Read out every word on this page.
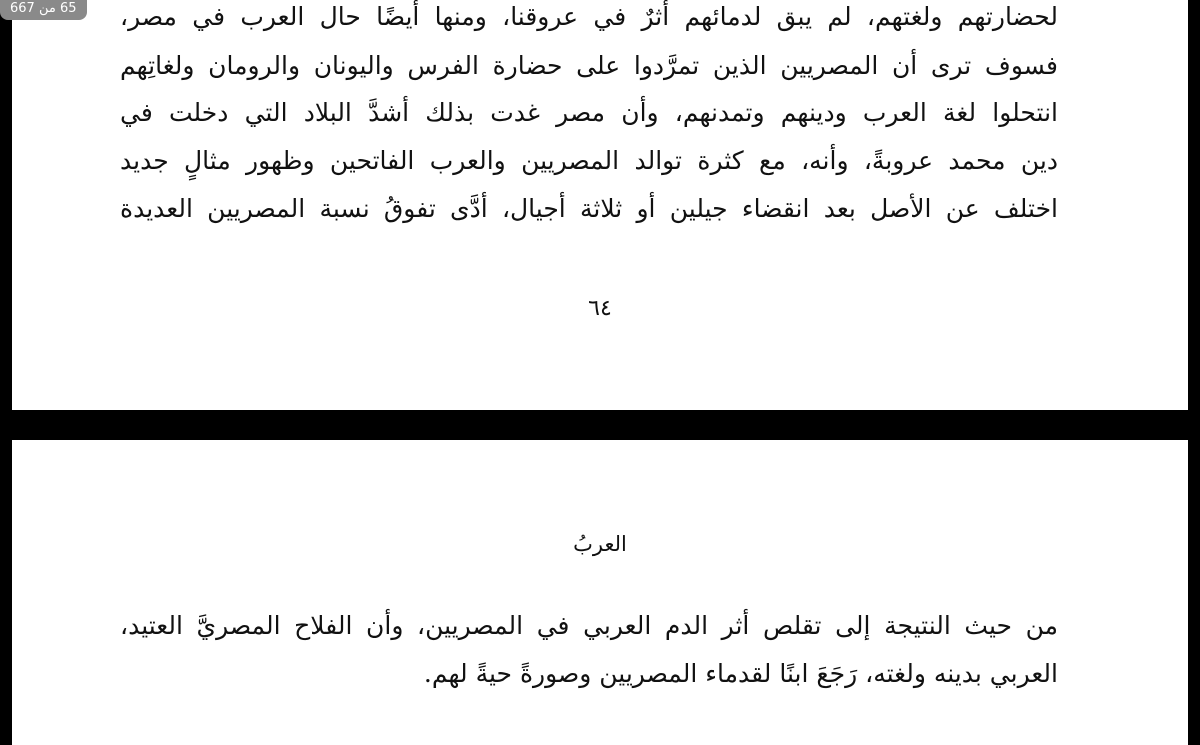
لحضارتهم ولغتهم، لم يبق لدمائهم أثرٌ في عروقنا، ومنها أيضًا حال العرب في مصر،
فسوف ترى أن المصريين الذين تمرَّدوا على حضارة الفرس واليونان والرومان ولغاتِهم
انتحلوا لغة العرب ودينهم وتمدنهم، وأن مصر غدت بذلك أشدَّ البلاد التي دخلت في
دين محمد عروبةً، وأنه، مع كثرة توالد المصريين والعرب الفاتحين وظهور مثالٍ جديد
اختلف عن الأصل بعد انقضاء جيلين أو ثلاثة أجيال، أدَّى تفوقُ نسبة المصريين العديدة
٦٤
العربُ
من حيث النتيجة إلى تقلص أثر الدم العربي في المصريين، وأن الفلاح المصريَّ العتيد،
العربي بدينه ولغته، رَجَعَ ابنًا لقدماء المصريين وصورةً حيةً لهم.
65 من 667
